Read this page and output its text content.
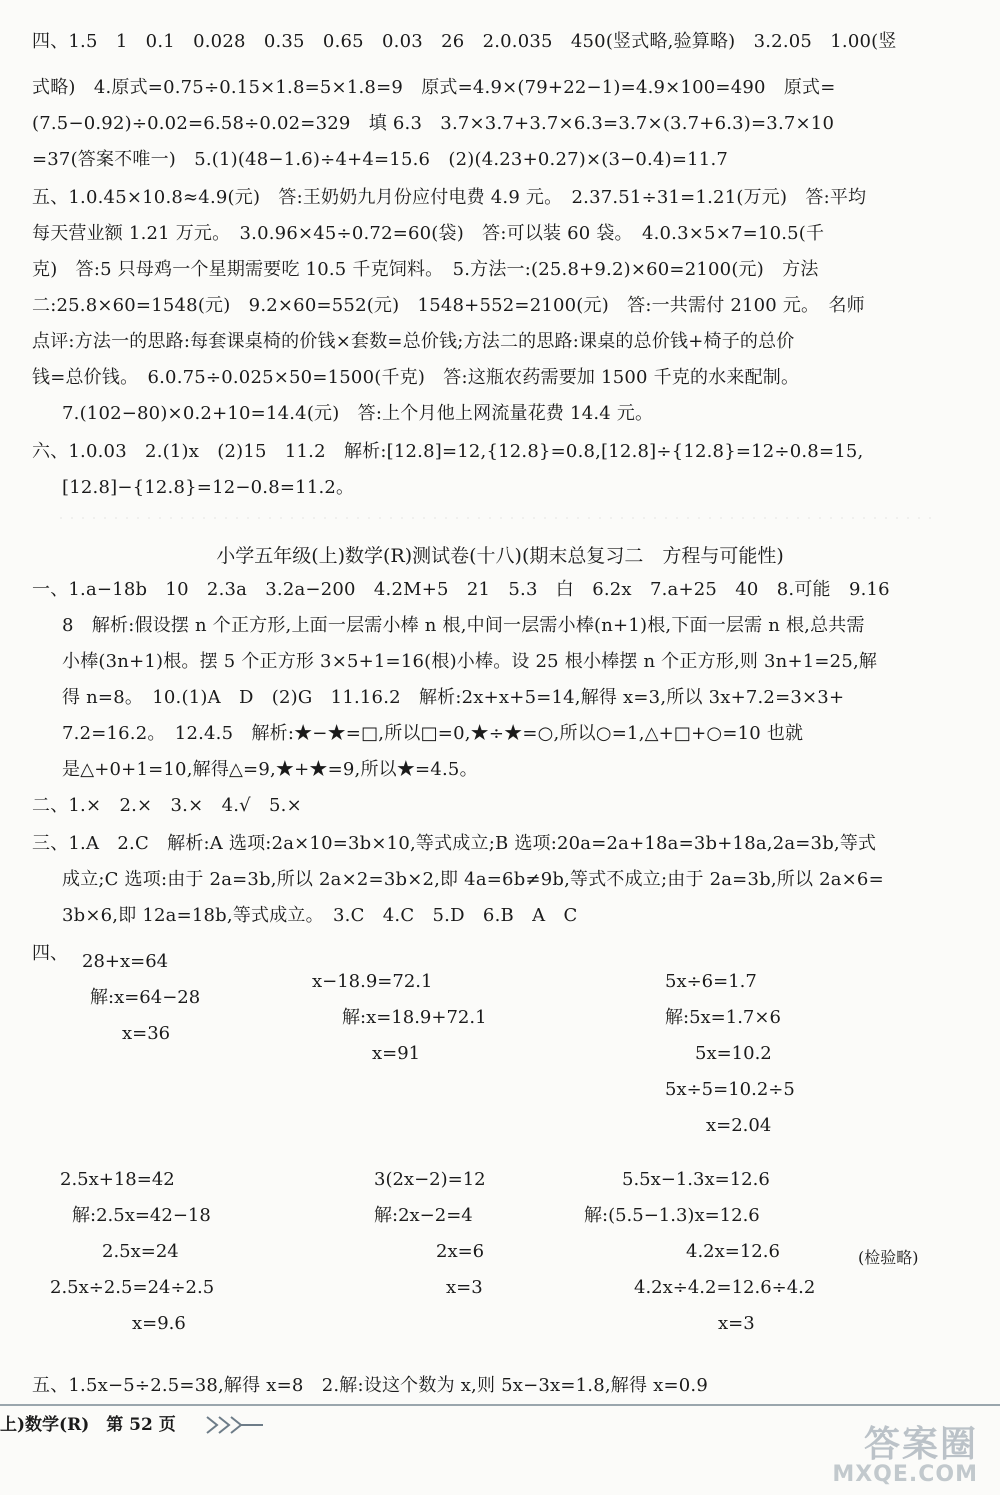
四、1.5　1　0.1　0.028　0.35　0.65　0.03　26　2.0.035　450(竖式略,验算略)　3.2.05　1.00(竖
式略)　4.原式=0.75÷0.15×1.8=5×1.8=9　原式=4.9×(79+22−1)=4.9×100=490　原式=
(7.5−0.92)÷0.02=6.58÷0.02=329　填 6.3　3.7×3.7+3.7×6.3=3.7×(3.7+6.3)=3.7×10
=37(答案不唯一)　5.(1)(48−1.6)÷4+4=15.6　(2)(4.23+0.27)×(3−0.4)=11.7
五、1.0.45×10.8≈4.9(元)　答:王奶奶九月份应付电费 4.9 元。　2.37.51÷31=1.21(万元)　答:平均
每天营业额 1.21 万元。　3.0.96×45÷0.72=60(袋)　答:可以装 60 袋。　4.0.3×5×7=10.5(千
克)　答:5 只母鸡一个星期需要吃 10.5 千克饲料。　5.方法一:(25.8+9.2)×60=2100(元)　方法
二:25.8×60=1548(元)　9.2×60=552(元)　1548+552=2100(元)　答:一共需付 2100 元。　名师
点评:方法一的思路:每套课桌椅的价钱×套数=总价钱;方法二的思路:课桌的总价钱+椅子的总价
钱=总价钱。　6.0.75÷0.025×50=1500(千克)　答:这瓶农药需要加 1500 千克的水来配制。
7.(102−80)×0.2+10=14.4(元)　答:上个月他上网流量花费 14.4 元。
六、1.0.03　2.(1)x　(2)15　11.2　解析:[12.8]=12,{12.8}=0.8,[12.8]÷{12.8}=12÷0.8=15,
[12.8]−{12.8}=12−0.8=11.2。
小学五年级(上)数学(R)测试卷(十八)(期末总复习二　方程与可能性)
一、1.a−18b　10　2.3a　3.2a−200　4.2M+5　21　5.3　白　6.2x　7.a+25　40　8.可能　9.16
8　解析:假设摆 n 个正方形,上面一层需小棒 n 根,中间一层需小棒(n+1)根,下面一层需 n 根,总共需
小棒(3n+1)根。摆 5 个正方形 3×5+1=16(根)小棒。设 25 根小棒摆 n 个正方形,则 3n+1=25,解
得 n=8。　10.(1)A　D　(2)G　11.16.2　解析:2x+x+5=14,解得 x=3,所以 3x+7.2=3×3+
7.2=16.2。　12.4.5　解析:★−★=□,所以□=0,★÷★=○,所以○=1,△+□+○=10 也就
是△+0+1=10,解得△=9,★+★=9,所以★=4.5。
二、1.×　2.×　3.×　4.√　5.×
三、1.A　2.C　解析:A 选项:2a×10=3b×10,等式成立;B 选项:20a=2a+18a=3b+18a,2a=3b,等式
成立;C 选项:由于 2a=3b,所以 2a×2=3b×2,即 4a=6b≠9b,等式不成立;由于 2a=3b,所以 2a×6=
3b×6,即 12a=18b,等式成立。　3.C　4.C　5.D　6.B　A　C
四、 28+x=64
解:x=64−28
x=36
x−18.9=72.1
解:x=18.9+72.1
x=91
5x÷6=1.7
解:5x=1.7×6
5x=10.2
5x÷5=10.2÷5
x=2.04
2.5x+18=42
解:2.5x=42−18
2.5x=24
2.5x÷2.5=24÷2.5
x=9.6
3(2x−2)=12
解:2x−2=4
2x=6
x=3
5.5x−1.3x=12.6
解:(5.5−1.3)x=12.6
4.2x=12.6
4.2x÷4.2=12.6÷4.2
x=3
(检验略)
五、1.5x−5÷2.5=38,解得 x=8　2.解:设这个数为 x,则 5x−3x=1.8,解得 x=0.9
上)数学(R)　第 52 页	答案圈
MXQE.COM
